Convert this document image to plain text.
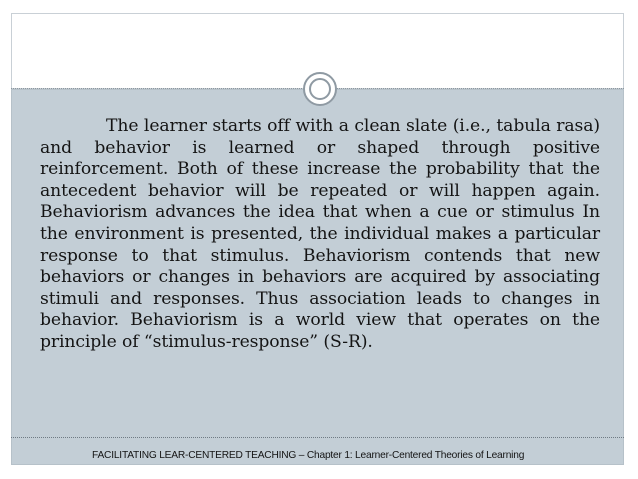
The learner starts off with a clean slate (i.e., tabula rasa) and behavior is learned or shaped through positive reinforcement. Both of these increase the probability that the antecedent behavior will be repeated or will happen again. Behaviorism advances the idea that when a cue or stimulus In the environment is presented, the individual makes a particular response to that stimulus. Behaviorism contends that new behaviors or changes in behaviors are acquired by associating stimuli and responses. Thus association leads to changes in behavior. Behaviorism is a world view that operates on the principle of “stimulus-response” (S-R).

FACILITATING LEAR-CENTERED TEACHING – Chapter 1: Learner-Centered Theories of Learning
